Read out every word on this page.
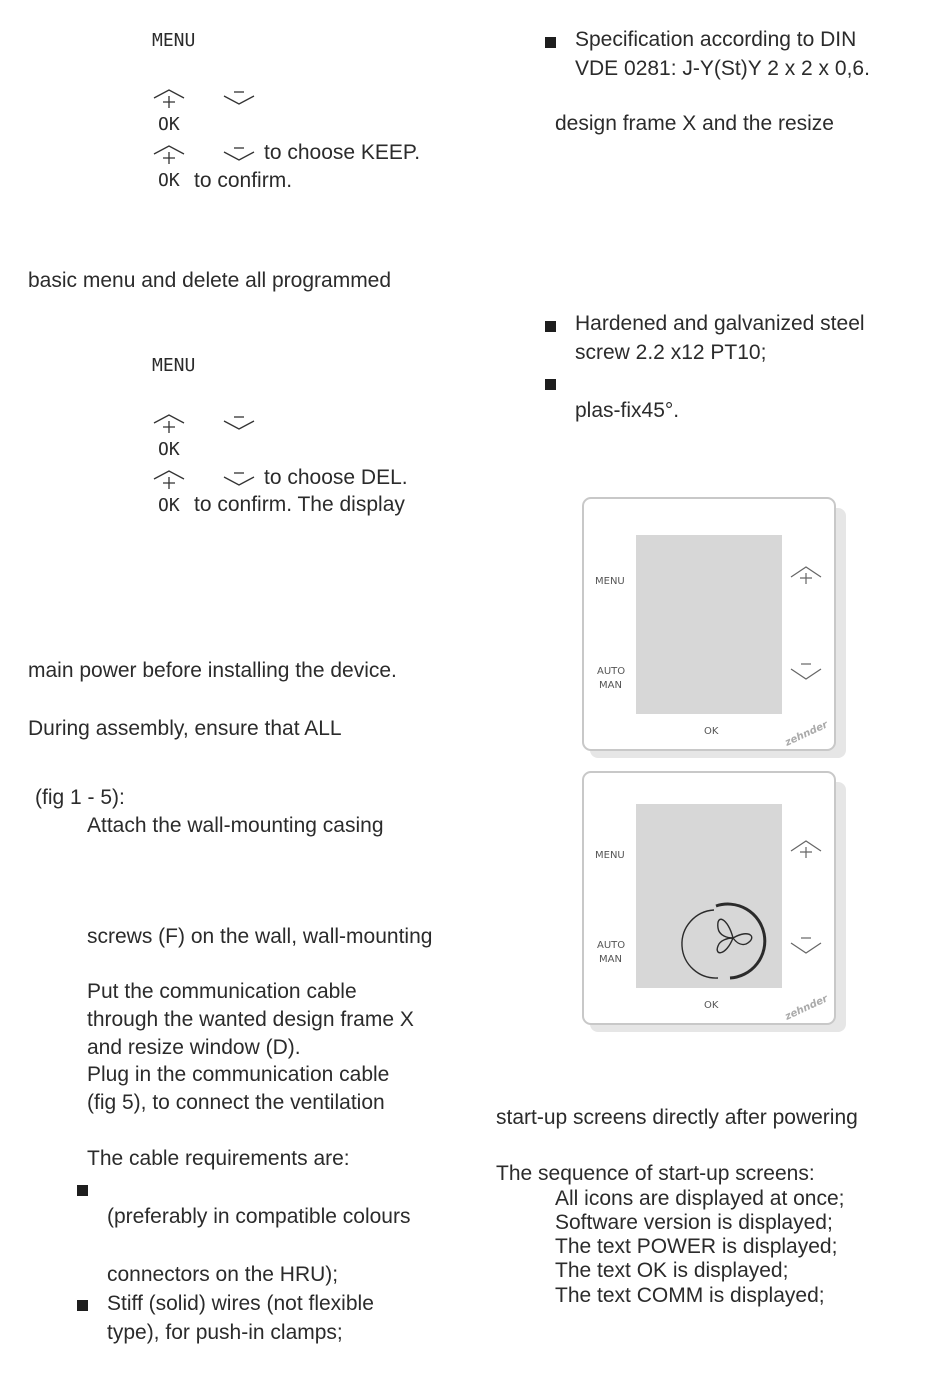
MENU
OK
to choose KEEP.
OK to confirm.
basic menu and delete all programmed
MENU
OK
to choose DEL.
OK to confirm. The display
main power before installing the device.
During assembly, ensure that ALL
(fig 1 - 5):
Attach the wall-mounting casing
screws (F) on the wall, wall-mounting
Put the communication cable
through the wanted design frame X
and resize window (D).
Plug in the communication cable
(fig 5), to connect the ventilation
The cable requirements are:
(preferably in compatible colours
connectors on the HRU);
Stiff (solid) wires (not flexible
type), for push-in clamps;
Specification according to DIN
VDE 0281: J-Y(St)Y 2 x 2 x 0,6.
design frame X and the resize
Hardened and galvanized steel
screw 2.2 x12 PT10;
plas-fix45°.
MENU
AUTO
MAN
OK	zehnder
MENU
AUTO
MAN
OK	zehnder
start-up screens directly after powering
The sequence of start-up screens:
All icons are displayed at once;
Software version is displayed;
The text POWER is displayed;
The text OK is displayed;
The text COMM is displayed;
